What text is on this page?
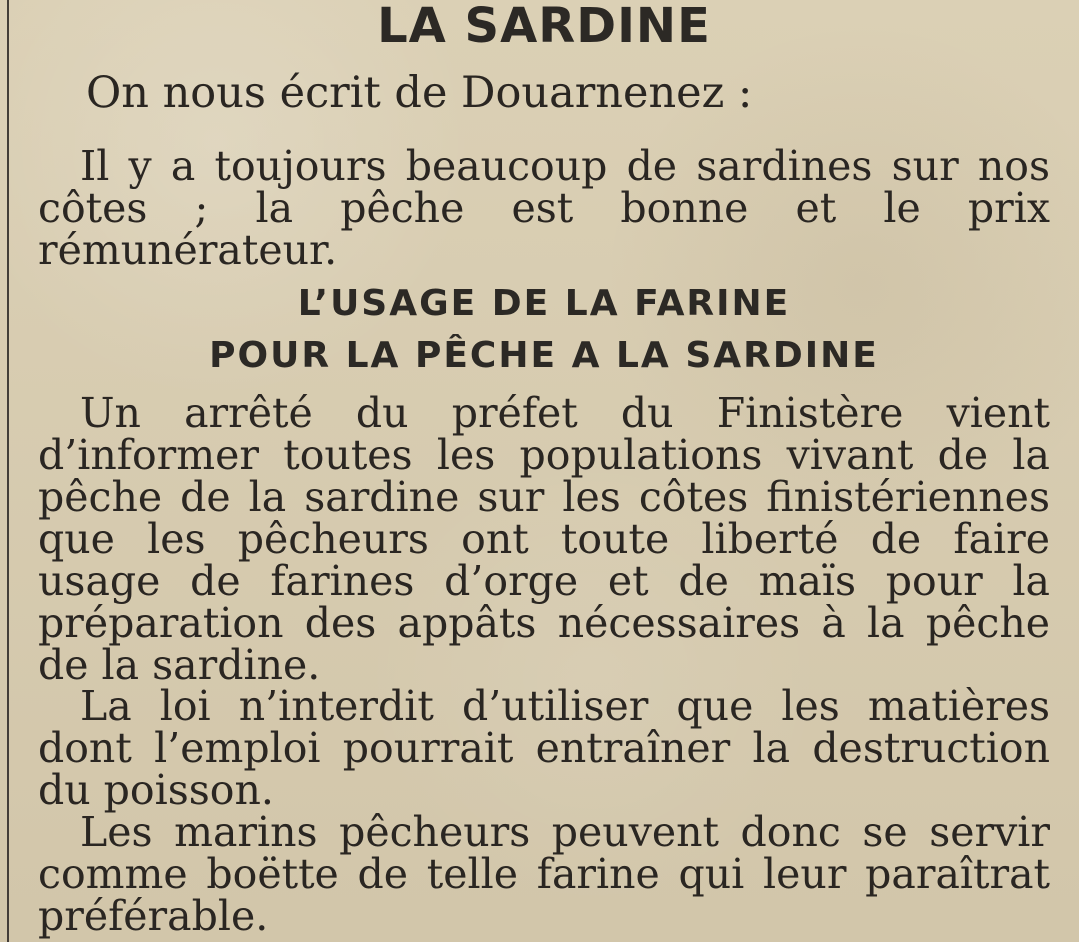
LA SARDINE
On nous écrit de Douarnenez :
Il y a toujours beaucoup de sardines sur nos côtes ; la pêche est bonne et le prix rémunérateur.
L’USAGE DE LA FARINE
POUR LA PÊCHE A LA SARDINE
Un arrêté du préfet du Finistère vient d’informer toutes les populations vivant de la pêche de la sardine sur les côtes finistériennes que les pêcheurs ont toute liberté de faire usage de farines d’orge et de maïs pour la préparation des appâts nécessaires à la pêche de la sardine.
La loi n’interdit d’utiliser que les matières dont l’emploi pourrait entraîner la destruction du poisson.
Les marins pêcheurs peuvent donc se servir comme boëtte de telle farine qui leur paraîtrat préférable.
